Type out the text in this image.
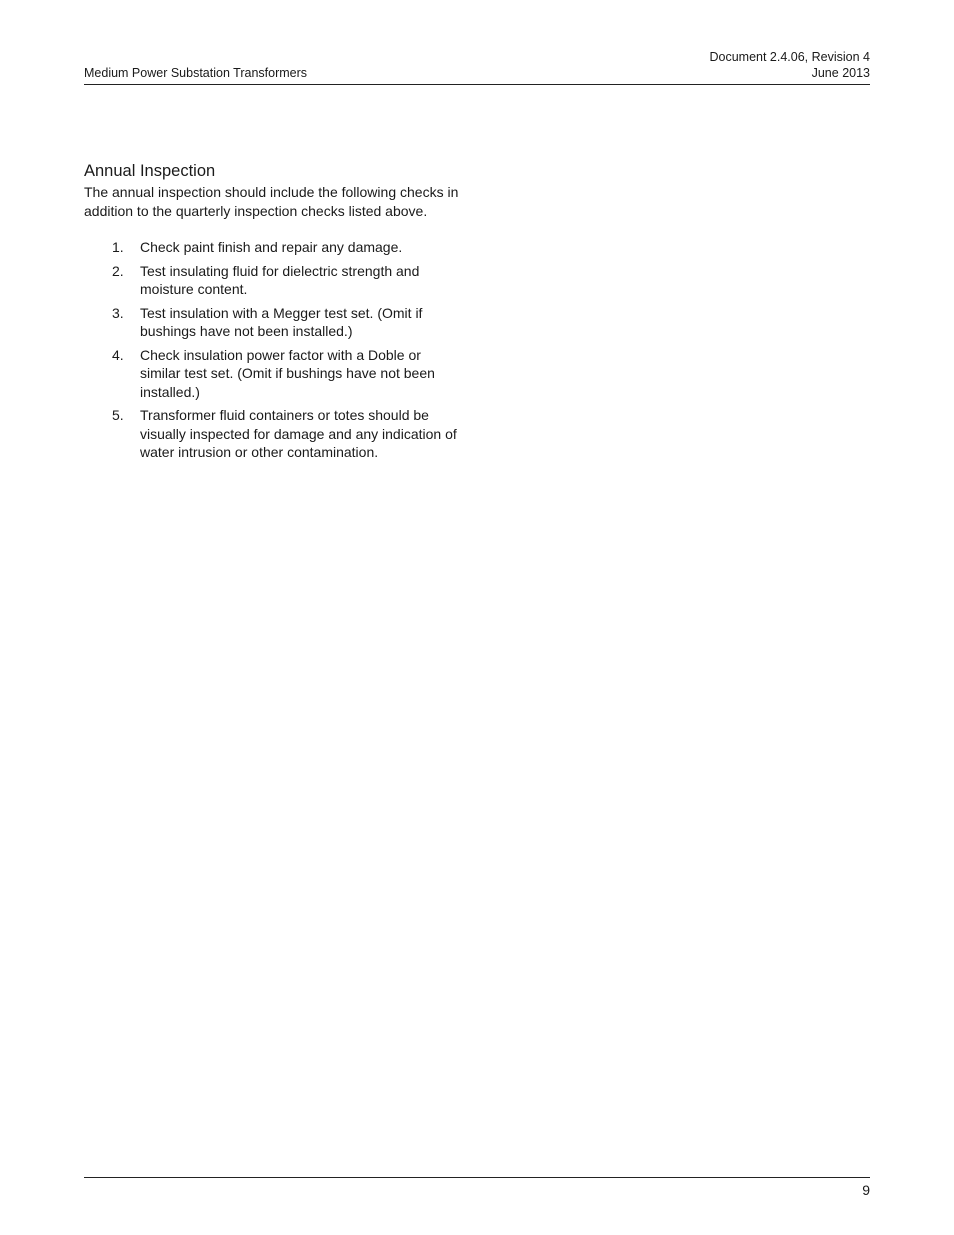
Medium Power Substation Transformers
Document 2.4.06, Revision 4
June 2013
Annual Inspection

The annual inspection should include the following checks in addition to the quarterly inspection checks listed above.

1. Check paint finish and repair any damage.
2. Test insulating fluid for dielectric strength and moisture content.
3. Test insulation with a Megger test set. (Omit if bushings have not been installed.)
4. Check insulation power factor with a Doble or similar test set. (Omit if bushings have not been installed.)
5. Transformer fluid containers or totes should be visually inspected for damage and any indication of water intrusion or other contamination.
9
